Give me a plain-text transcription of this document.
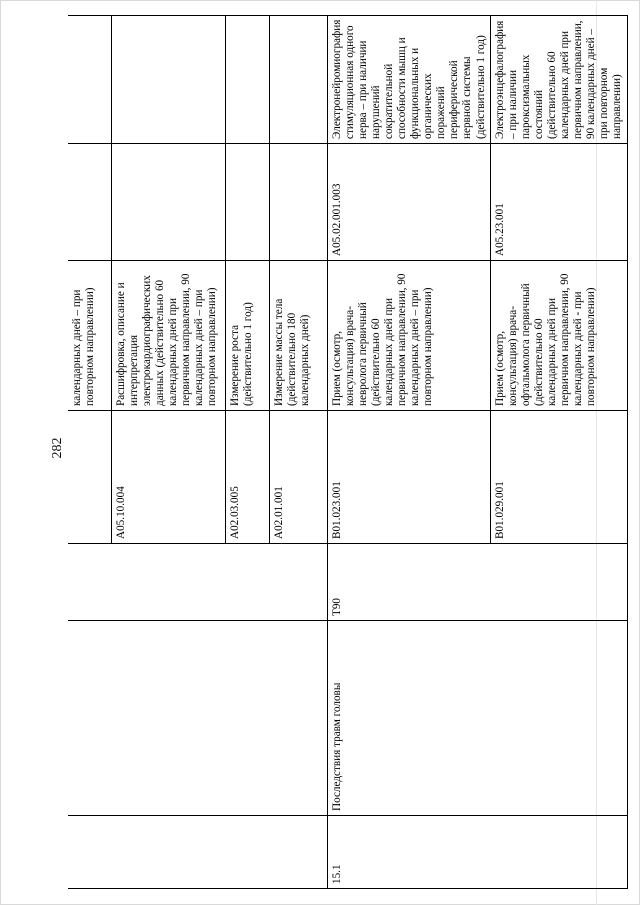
282
				календарных дней – при повторном направлении)		
			A05.10.004	Расшифровка, описание и интерпретация электрокардиографических данных (действительно 60 календарных дней при первичном направлении, 90 календарных дней – при повторном направлении)		
			A02.03.005	Измерение роста (действительно 1 год)		
			A02.01.001	Измерение массы тела (действительно 180 календарных дней)		
15.1	Последствия травм головы	T90	B01.023.001	Прием (осмотр, консультация) врача-невролога первичный (действительно 60 календарных дней при первичном направлении, 90 календарных дней – при повторном направлении)	A05.02.001.003	Электронейромиография стимуляционная одного нерва – при наличии нарушений сократительной способности мышц и функциональных и органических поражений периферической нервной системы (действительно 1 год)
			B01.029.001	Прием (осмотр, консультация) врача-офтальмолога первичный (действительно 60 календарных дней при первичном направлении, 90 календарных дней - при повторном направлении)	A05.23.001	Электроэнцефалография – при наличии пароксизмальных состояний (действительно 60 календарных дней при первичном направлении, 90 календарных дней – при повторном направлении)
